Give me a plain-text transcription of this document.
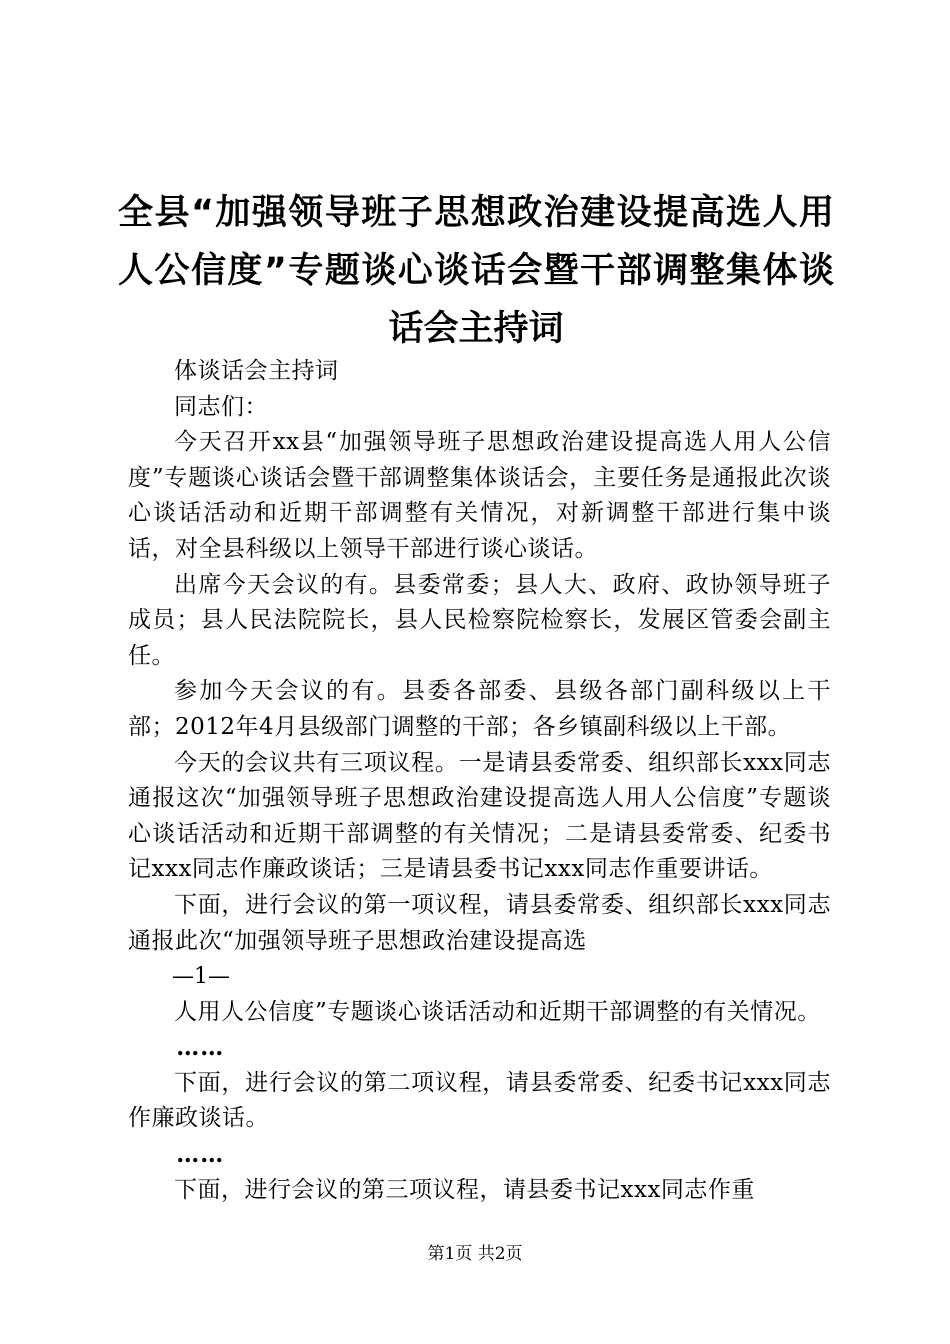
全县“加强领导班子思想政治建设提高选人用人公信度”专题谈心谈话会暨干部调整集体谈话会主持词

体谈话会主持词

同志们：

今天召开xx县“加强领导班子思想政治建设提高选人用人公信度”专题谈心谈话会暨干部调整集体谈话会，主要任务是通报此次谈心谈话活动和近期干部调整有关情况，对新调整干部进行集中谈话，对全县科级以上领导干部进行谈心谈话。

出席今天会议的有。县委常委；县人大、政府、政协领导班子成员；县人民法院院长，县人民检察院检察长，发展区管委会副主任。

参加今天会议的有。县委各部委、县级各部门副科级以上干部；2012年4月县级部门调整的干部；各乡镇副科级以上干部。

今天的会议共有三项议程。一是请县委常委、组织部长xxx同志通报这次“加强领导班子思想政治建设提高选人用人公信度”专题谈心谈话活动和近期干部调整的有关情况；二是请县委常委、纪委书记xxx同志作廉政谈话；三是请县委书记xxx同志作重要讲话。

下面，进行会议的第一项议程，请县委常委、组织部长xxx同志通报此次“加强领导班子思想政治建设提高选

—1—

人用人公信度”专题谈心谈话活动和近期干部调整的有关情况。

……

下面，进行会议的第二项议程，请县委常委、纪委书记xxx同志作廉政谈话。

……

下面，进行会议的第三项议程，请县委书记xxx同志作重

第1页 共2页
